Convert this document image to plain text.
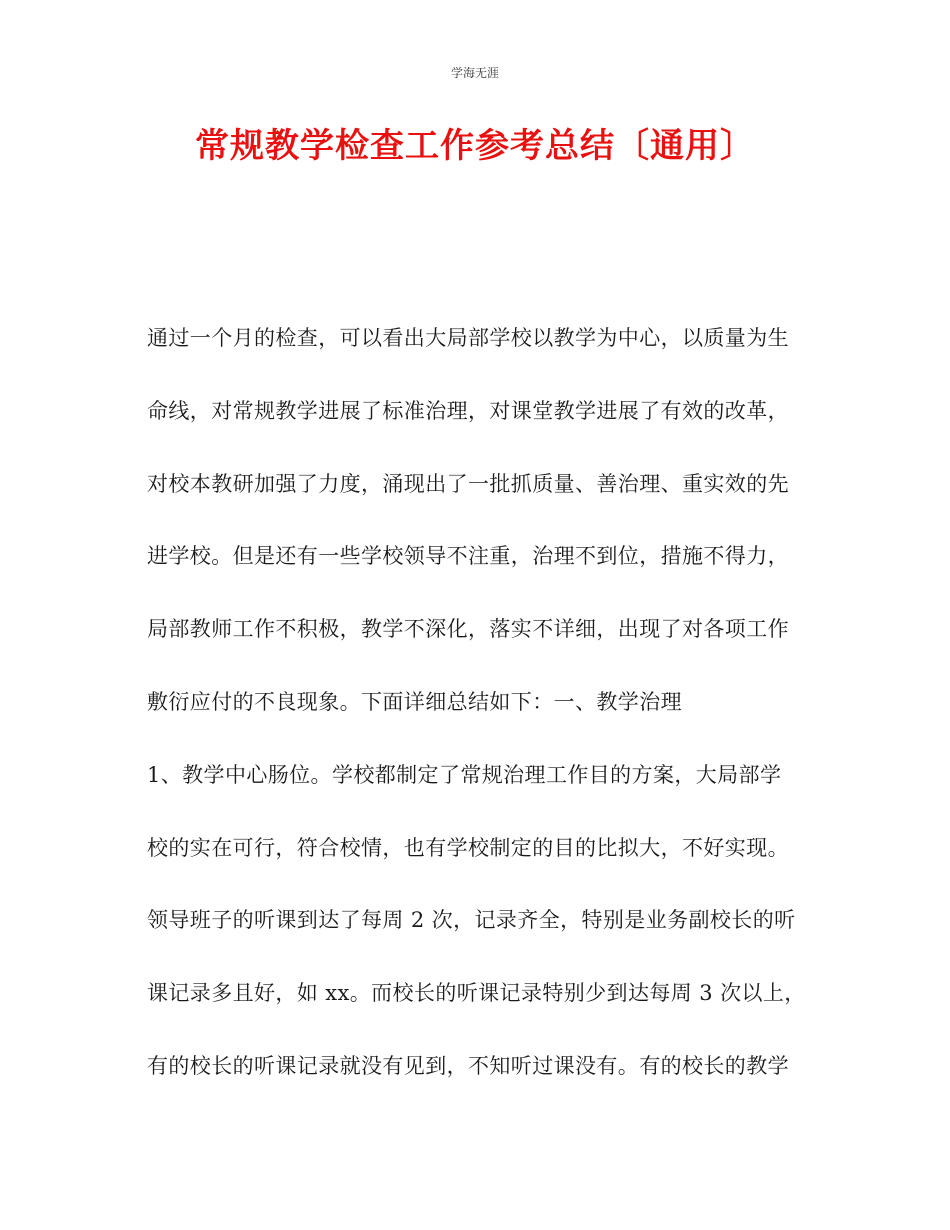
学海无涯
常规教学检查工作参考总结〔通用〕
通过一个月的检查，可以看出大局部学校以教学为中心，以质量为生
命线，对常规教学进展了标准治理，对课堂教学进展了有效的改革，
对校本教研加强了力度，涌现出了一批抓质量、善治理、重实效的先
进学校。但是还有一些学校领导不注重，治理不到位，措施不得力，
局部教师工作不积极，教学不深化，落实不详细，出现了对各项工作
敷衍应付的不良现象。下面详细总结如下：一、教学治理
1、教学中心肠位。学校都制定了常规治理工作目的方案，大局部学
校的实在可行，符合校情，也有学校制定的目的比拟大，不好实现。
领导班子的听课到达了每周 2 次，记录齐全，特别是业务副校长的听
课记录多且好，如 xx。而校长的听课记录特别少到达每周 3 次以上，
有的校长的听课记录就没有见到，不知听过课没有。有的校长的教学
